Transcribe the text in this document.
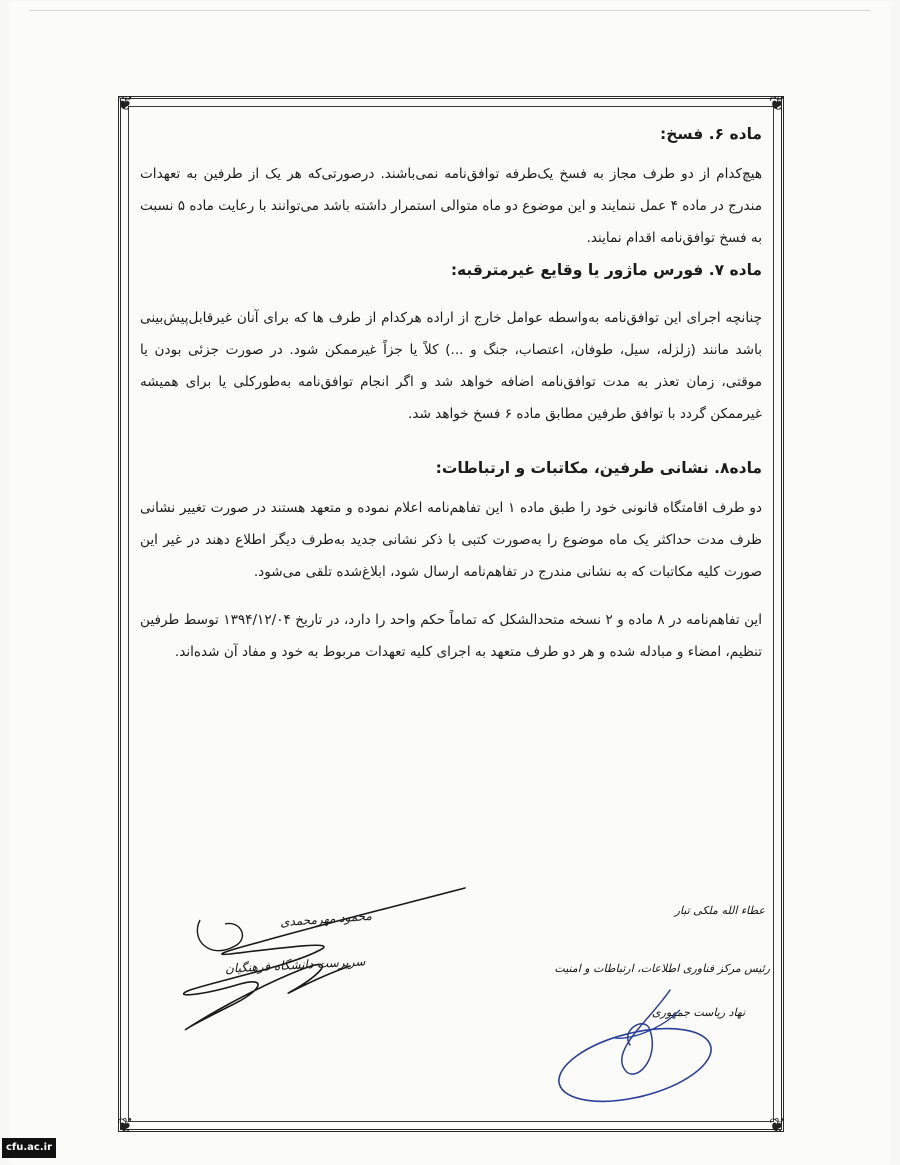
❦	❦
❦	❦

ماده ۶. فسخ:

هیچ‌کدام از دو طرف مجاز به فسخ یک‌طرفه توافق‌نامه نمی‌باشند. درصورتی‌که هر یک از طرفین به تعهدات مندرج در ماده ۴ عمل ننمایند و این موضوع دو ماه متوالی استمرار داشته باشد می‌توانند با رعایت ماده ۵ نسبت به فسخ توافق‌نامه اقدام نمایند.

ماده ۷. فورس ماژور یا وقایع غیرمترقبه:

چنانچه اجرای این توافق‌نامه به‌واسطه عوامل خارج از اراده هرکدام از طرف ها که برای آنان غیرقابل‌پیش‌بینی باشد مانند (زلزله، سیل، طوفان، اعتصاب، جنگ و ...) کلاً یا جزاً غیرممکن شود. در صورت جزئی بودن یا موقتی، زمان تعذر به مدت توافق‌نامه اضافه خواهد شد و اگر انجام توافق‌نامه به‌طورکلی یا برای همیشه غیرممکن گردد با توافق طرفین مطابق ماده ۶ فسخ خواهد شد.

ماده۸. نشانی طرفین، مکاتبات و ارتباطات:

دو طرف اقامتگاه قانونی خود را طبق ماده ۱ این تفاهم‌نامه اعلام نموده و متعهد هستند در صورت تغییر نشانی ظرف مدت حداکثر یک ماه موضوع را به‌صورت کتبی با ذکر نشانی جدید به‌طرف دیگر اطلاع دهند در غیر این صورت کلیه مکاتبات که به نشانی مندرج در تفاهم‌نامه ارسال شود، ابلاغ‌شده تلقی می‌شود.

این تفاهم‌نامه در ۸ ماده و ۲ نسخه متحدالشکل که تماماً حکم واحد را دارد، در تاریخ ۱۳۹۴/۱۲/۰۴ توسط طرفین تنظیم، امضاء و مبادله شده و هر دو طرف متعهد به اجرای کلیه تعهدات مربوط به خود و مفاد آن شده‌اند.

محمود مهرمحمدی
سرپرست دانشگاه فرهنگیان
عطاء الله ملکی تبار
رئیس مرکز فناوری اطلاعات، ارتباطات و امنیت
نهاد ریاست جمهوری
cfu.ac.ir
